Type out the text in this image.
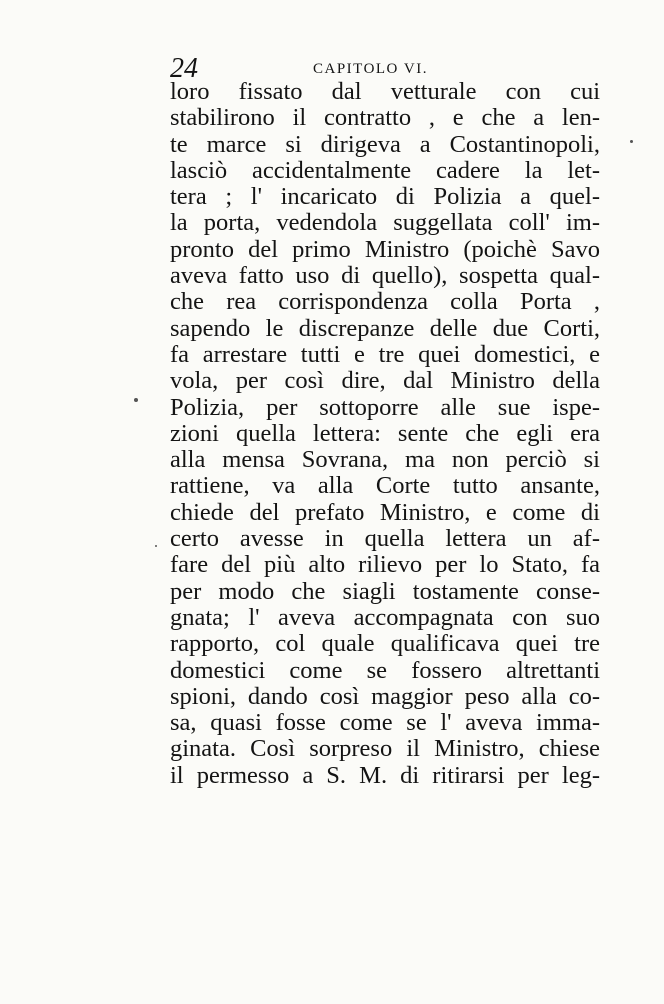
24	CAPITOLO VI.
loro fissato dal vetturale con cui
stabilirono il contratto , e che a len-
te marce si dirigeva a Costantinopoli,
lasciò accidentalmente cadere la let-
tera ; l' incaricato di Polizia a quel-
la porta, vedendola suggellata coll' im-
pronto del primo Ministro (poichè Savo
aveva fatto uso di quello), sospetta qual-
che rea corrispondenza colla Porta ,
sapendo le discrepanze delle due Corti,
fa arrestare tutti e tre quei domestici, e
vola, per così dire, dal Ministro della
Polizia, per sottoporre alle sue ispe-
zioni quella lettera: sente che egli era
alla mensa Sovrana, ma non perciò si
rattiene, va alla Corte tutto ansante,
chiede del prefato Ministro, e come di
certo avesse in quella lettera un af-
fare del più alto rilievo per lo Stato, fa
per modo che siagli tostamente conse-
gnata; l' aveva accompagnata con suo
rapporto, col quale qualificava quei tre
domestici come se fossero altrettanti
spioni, dando così maggior peso alla co-
sa, quasi fosse come se l' aveva imma-
ginata. Così sorpreso il Ministro, chiese
il permesso a S. M. di ritirarsi per leg-
